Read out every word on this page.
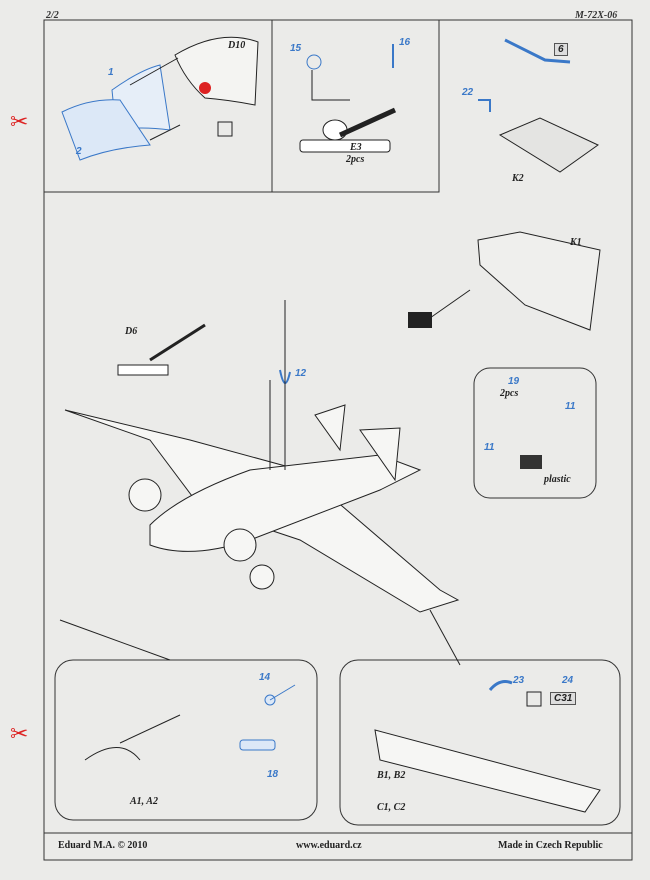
2/2	M-72X-06
✂
✂
D10
1
2
15
16
E3
2pcs
6
22
K2
K1
D6
12
19
2pcs
11
11
plastic
14
18
A1, A2
23	24
C31
B1, B2
C1, C2
Eduard M.A. © 2010	www.eduard.cz	Made in Czech Republic
